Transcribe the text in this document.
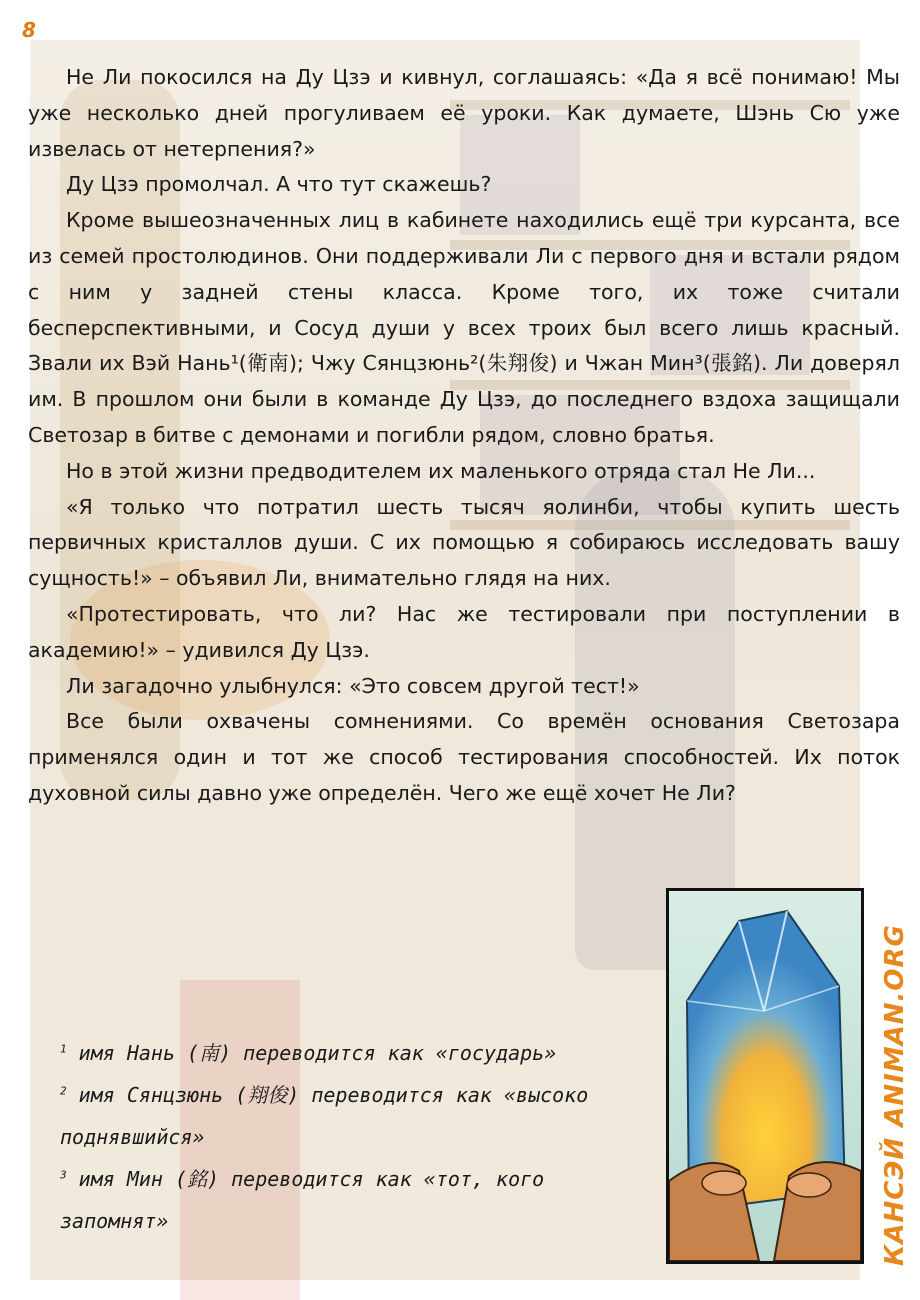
8

Не Ли покосился на Ду Цзэ и кивнул, соглашаясь: «Да я всё понимаю! Мы уже несколько дней прогуливаем её уроки. Как думаете, Шэнь Сю уже извелась от нетерпения?»

Ду Цзэ промолчал. А что тут скажешь?

Кроме вышеозначенных лиц в кабинете находились ещё три курсанта, все из семей простолюдинов. Они поддерживали Ли с первого дня и встали рядом с ним у задней стены класса. Кроме того, их тоже считали бесперспективными, и Сосуд души у всех троих был всего лишь красный. Звали их Вэй Нань¹(衛南); Чжу Сянцзюнь²(朱翔俊) и Чжан Мин³(張銘). Ли доверял им. В прошлом они были в команде Ду Цзэ, до последнего вздоха защищали Светозар в битве с демонами и погибли рядом, словно братья.

Но в этой жизни предводителем их маленького отряда стал Не Ли...

«Я только что потратил шесть тысяч яолинби, чтобы купить шесть первичных кристаллов души. С их помощью я собираюсь исследовать вашу сущность!» – объявил Ли, внимательно глядя на них.

«Протестировать, что ли? Нас же тестировали при поступлении в академию!» – удивился Ду Цзэ.

Ли загадочно улыбнулся: «Это совсем другой тест!»

Все были охвачены сомнениями. Со времён основания Светозара применялся один и тот же способ тестирования способностей. Их поток духовной силы давно уже определён. Чего же ещё хочет Не Ли?

$^1$ имя Нань (南) переводится как «государь»

$^2$ имя Сянцзюнь (翔俊) переводится как «высоко поднявшийся»

$^3$ имя Мин (銘) переводится как «тот, кого запомнят»	КАНСЭЙ ANIMAN.ORG
